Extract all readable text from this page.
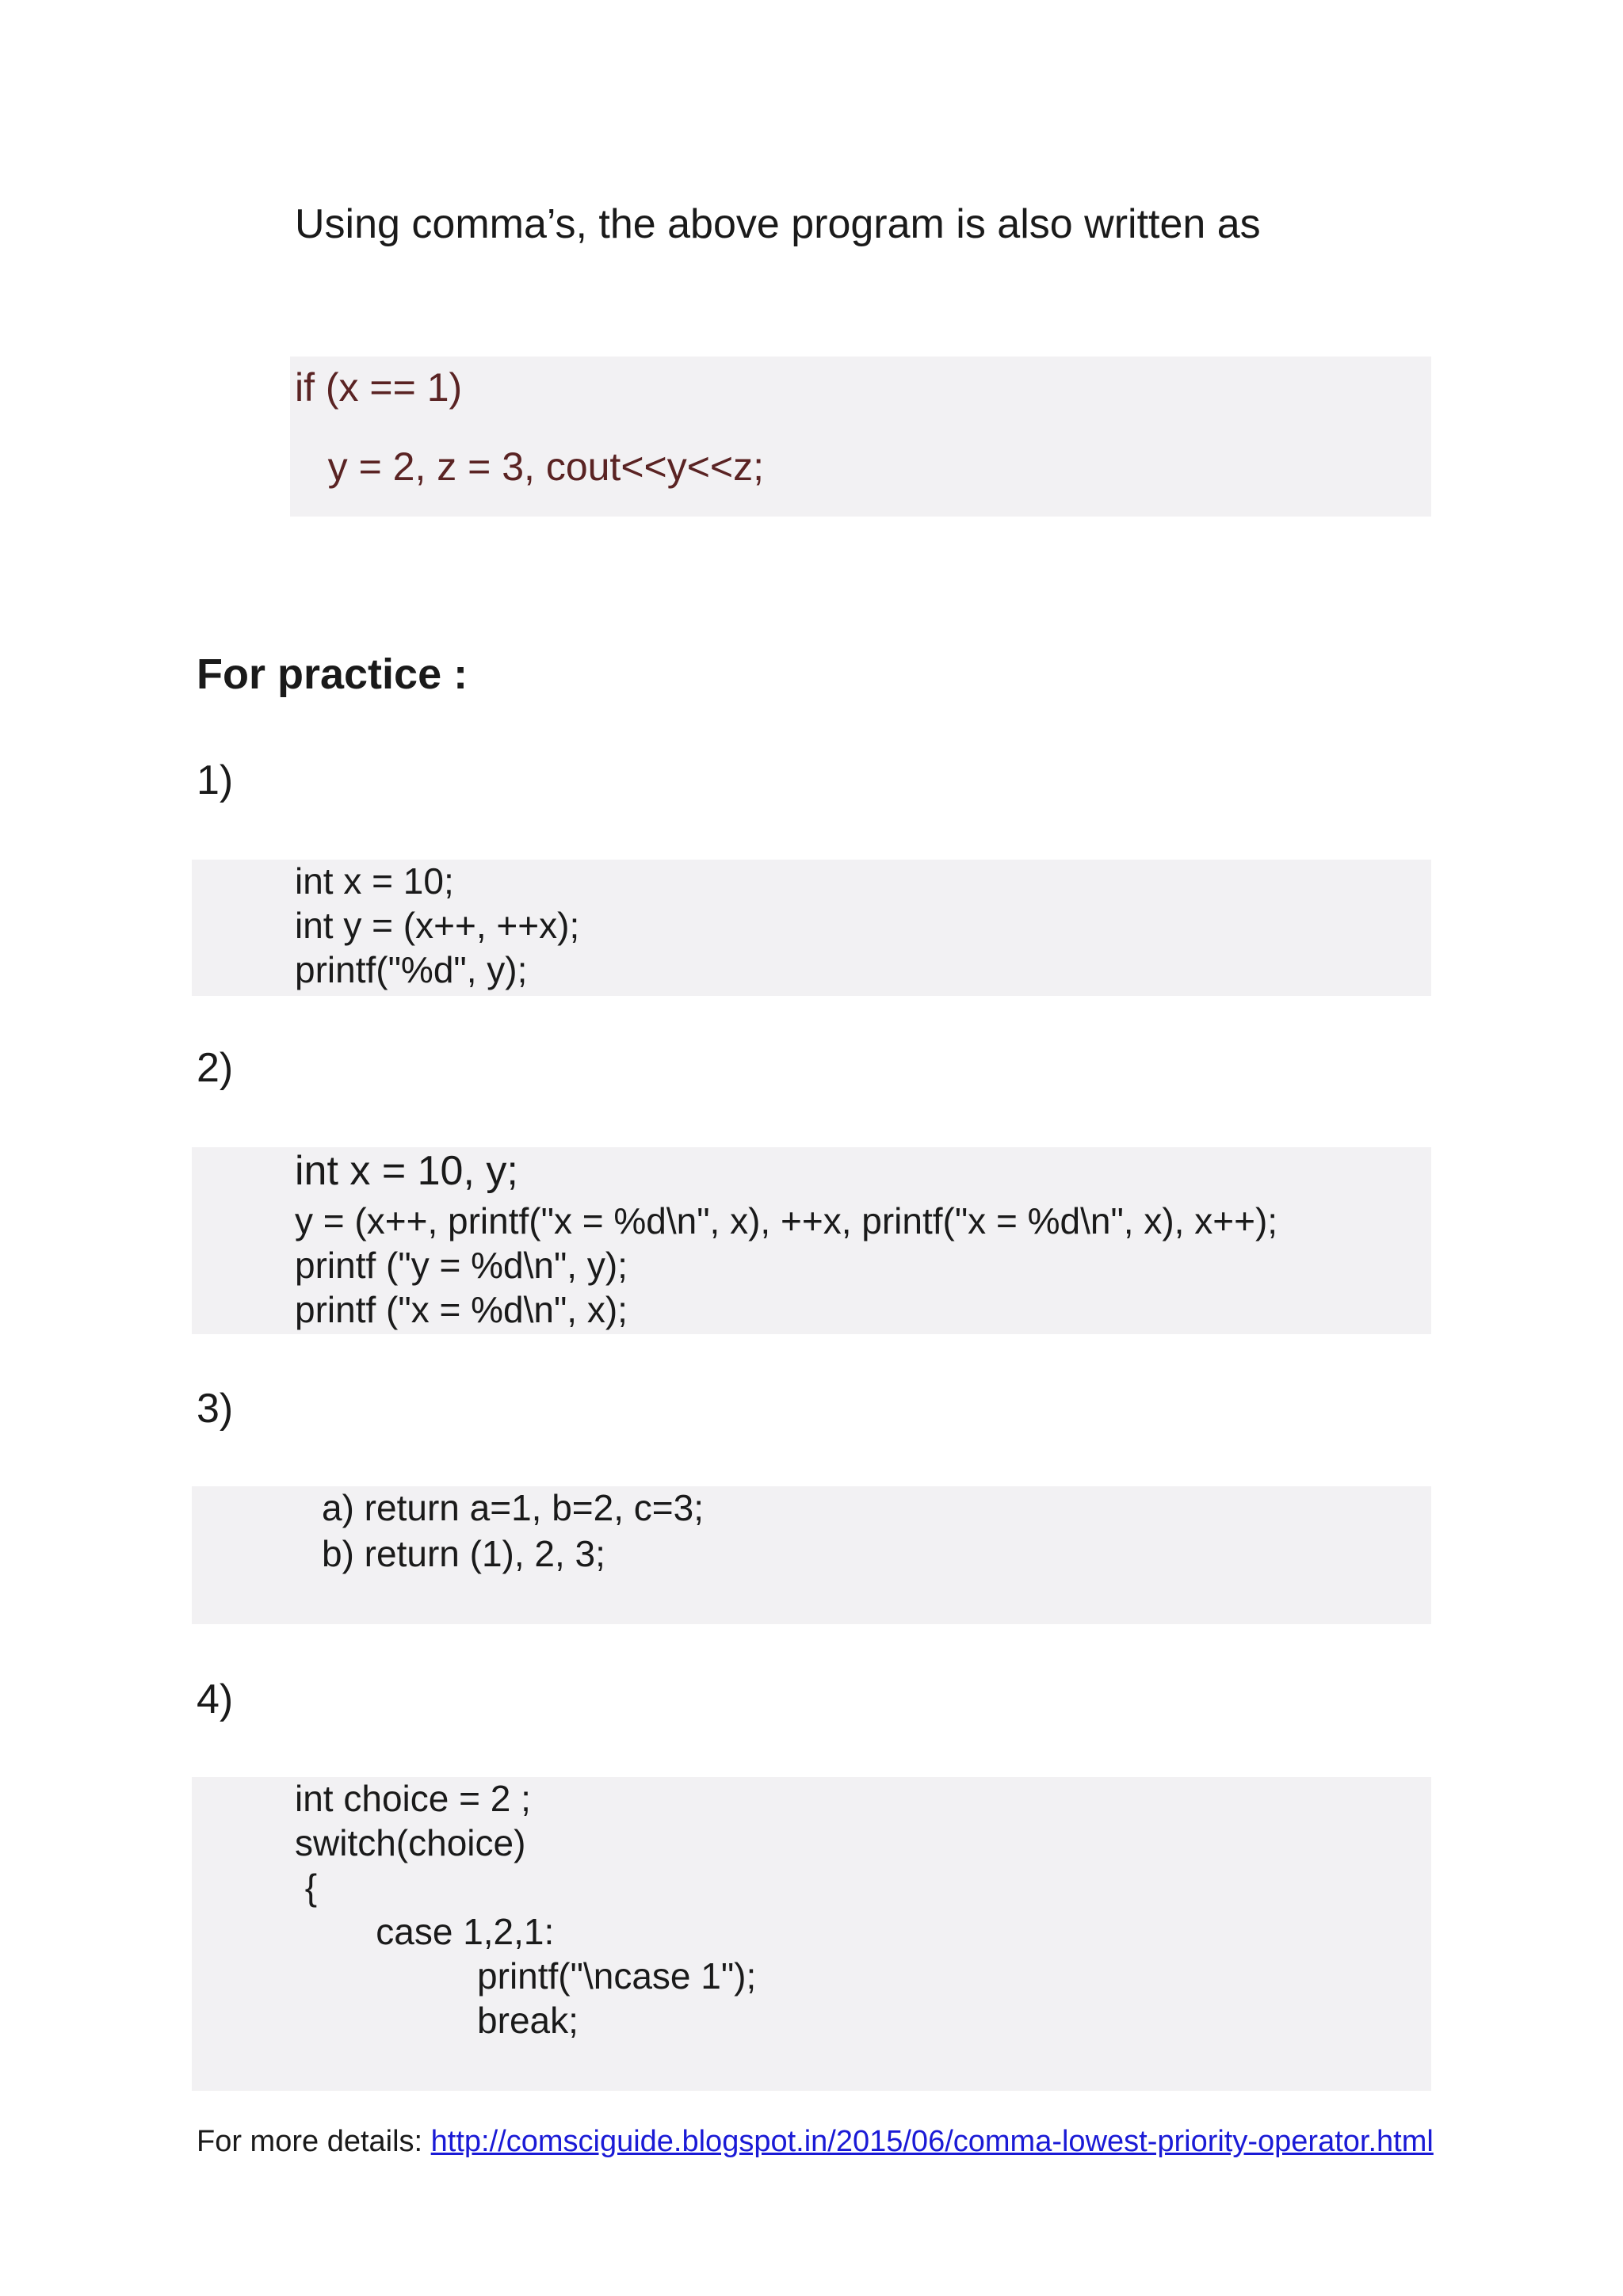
Using comma’s, the above program is also written as

if (x == 1)
y = 2, z = 3, cout<<y<<z;
For practice :

1)

int x = 10;
int y = (x++, ++x);
printf("%d", y);

2)

int x = 10, y;
y = (x++, printf("x = %d\n", x), ++x, printf("x = %d\n", x), x++);
printf ("y = %d\n", y);
printf ("x = %d\n", x);

3)

a) return a=1, b=2, c=3;
b) return (1), 2, 3;

4)

int choice = 2 ;
switch(choice)
{
case 1,2,1:
printf("\ncase 1");
break;
For more details: http://comsciguide.blogspot.in/2015/06/comma-lowest-priority-operator.html
